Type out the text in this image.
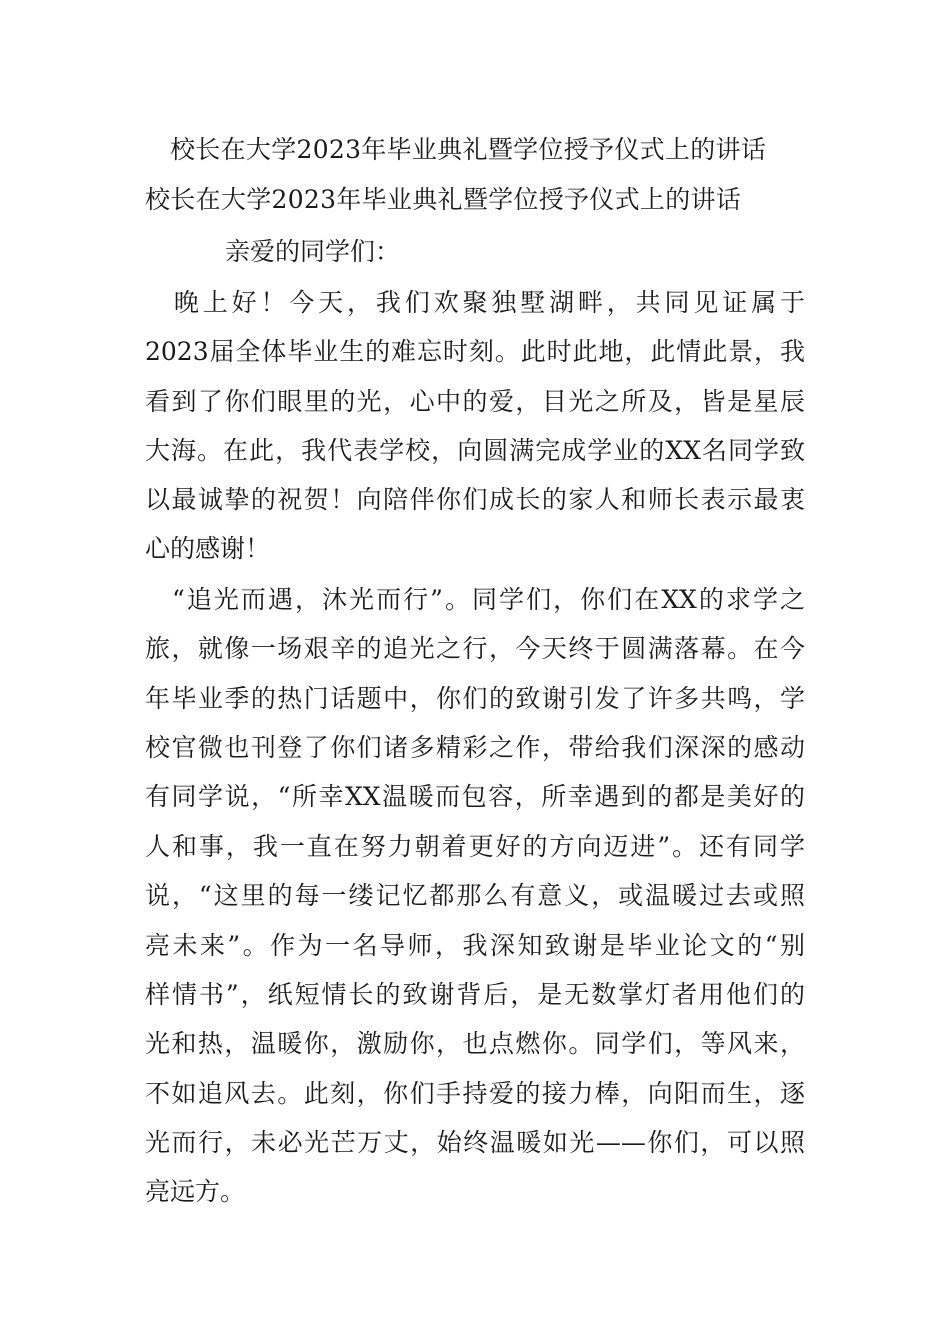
校长在大学2023年毕业典礼暨学位授予仪式上的讲话
校长在大学2023年毕业典礼暨学位授予仪式上的讲话
亲爱的同学们：
　晚上好！今天，我们欢聚独墅湖畔，共同见证属于
2023届全体毕业生的难忘时刻。此时此地，此情此景，我
看到了你们眼里的光，心中的爱，目光之所及，皆是星辰
大海。在此，我代表学校，向圆满完成学业的XX名同学致
以最诚挚的祝贺！向陪伴你们成长的家人和师长表示最衷
心的感谢！
　“追光而遇，沐光而行”。同学们，你们在XX的求学之
旅，就像一场艰辛的追光之行，今天终于圆满落幕。在今
年毕业季的热门话题中，你们的致谢引发了许多共鸣，学
校官微也刊登了你们诸多精彩之作，带给我们深深的感动
有同学说，“所幸XX温暖而包容，所幸遇到的都是美好的
人和事，我一直在努力朝着更好的方向迈进”。还有同学
说，“这里的每一缕记忆都那么有意义，或温暖过去或照
亮未来”。作为一名导师，我深知致谢是毕业论文的“别
样情书”，纸短情长的致谢背后，是无数掌灯者用他们的
光和热，温暖你，激励你，也点燃你。同学们，等风来，
不如追风去。此刻，你们手持爱的接力棒，向阳而生，逐
光而行，未必光芒万丈，始终温暖如光——你们，可以照
亮远方。
